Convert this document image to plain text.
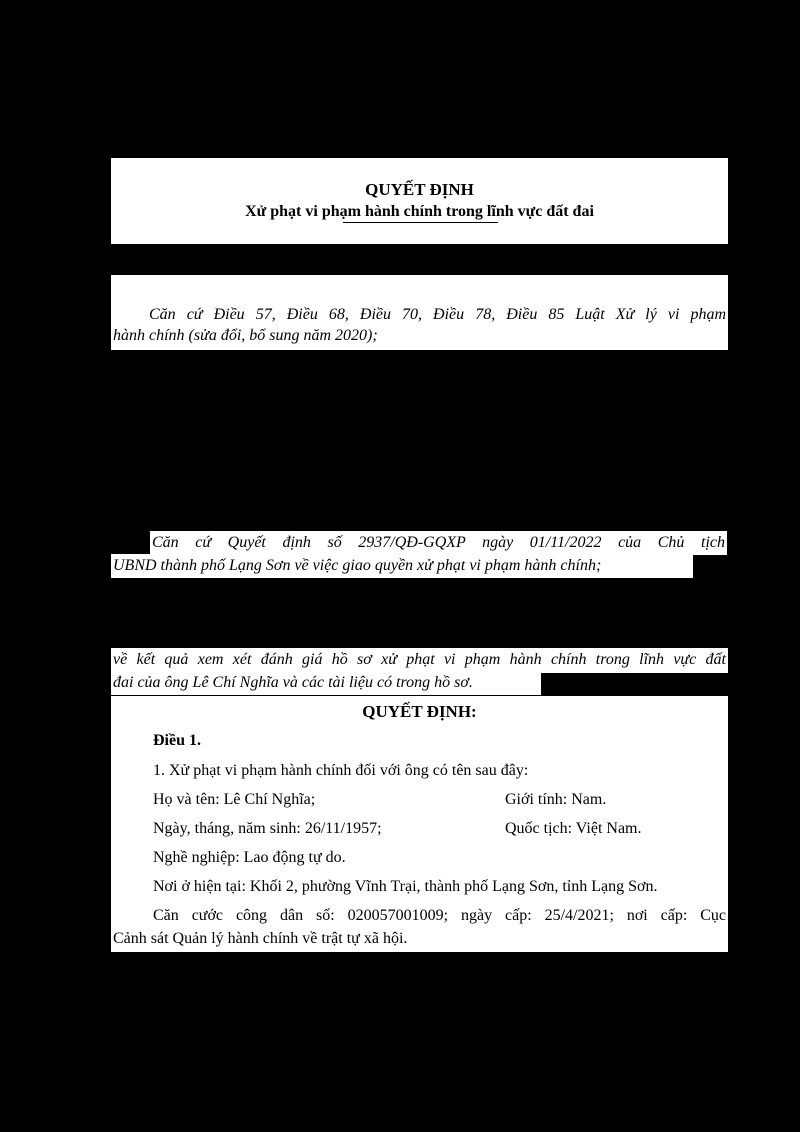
QUYẾT ĐỊNH
Xử phạt vi phạm hành chính trong lĩnh vực đất đai
Căn cứ Điều 57, Điều 68, Điều 70, Điều 78, Điều 85 Luật Xử lý vi phạm
hành chính (sửa đổi, bổ sung năm 2020);
Căn cứ Quyết định số 2937/QĐ-GQXP ngày 01/11/2022 của Chủ tịch
UBND thành phố Lạng Sơn về việc giao quyền xử phạt vi phạm hành chính;
về kết quả xem xét đánh giá hồ sơ xử phạt vi phạm hành chính trong lĩnh vực đất
đai của ông Lê Chí Nghĩa và các tài liệu có trong hồ sơ.
QUYẾT ĐỊNH:
Điều 1.
1. Xử phạt vi phạm hành chính đối với ông có tên sau đây:
Họ và tên: Lê Chí Nghĩa;	Giới tính: Nam.
Ngày, tháng, năm sinh: 26/11/1957;	Quốc tịch: Việt Nam.
Nghề nghiệp: Lao động tự do.
Nơi ở hiện tại: Khối 2, phường Vĩnh Trại, thành phố Lạng Sơn, tỉnh Lạng Sơn.
Căn cước công dân số: 020057001009; ngày cấp: 25/4/2021; nơi cấp: Cục
Cảnh sát Quản lý hành chính về trật tự xã hội.
